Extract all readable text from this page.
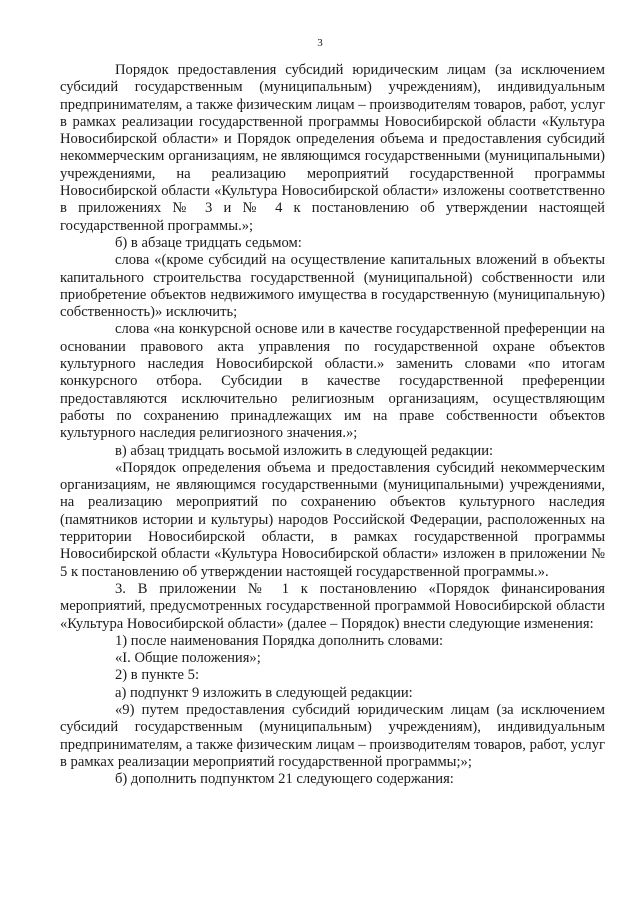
3

Порядок предоставления субсидий юридическим лицам (за исключением субсидий государственным (муниципальным) учреждениям), индивидуальным предпринимателям, а также физическим лицам – производителям товаров, работ, услуг в рамках реализации государственной программы Новосибирской области «Культура Новосибирской области» и Порядок определения объема и предоставления субсидий некоммерческим организациям, не являющимся государственными (муниципальными) учреждениями, на реализацию мероприятий государственной программы Новосибирской области «Культура Новосибирской области» изложены соответственно в приложениях № 3 и № 4 к постановлению об утверждении настоящей государственной программы.»;

б) в абзаце тридцать седьмом:

слова «(кроме субсидий на осуществление капитальных вложений в объекты капитального строительства государственной (муниципальной) собственности или приобретение объектов недвижимого имущества в государственную (муниципальную) собственность)» исключить;

слова «на конкурсной основе или в качестве государственной преференции на основании правового акта управления по государственной охране объектов культурного наследия Новосибирской области.» заменить словами «по итогам конкурсного отбора. Субсидии в качестве государственной преференции предоставляются исключительно религиозным организациям, осуществляющим работы по сохранению принадлежащих им на праве собственности объектов культурного наследия религиозного значения.»;

в) абзац тридцать восьмой изложить в следующей редакции:

«Порядок определения объема и предоставления субсидий некоммерческим организациям, не являющимся государственными (муниципальными) учреждениями, на реализацию мероприятий по сохранению объектов культурного наследия (памятников истории и культуры) народов Российской Федерации, расположенных на территории Новосибирской области, в рамках государственной программы Новосибирской области «Культура Новосибирской области» изложен в приложении № 5 к постановлению об утверждении настоящей государственной программы.».

3. В приложении № 1 к постановлению «Порядок финансирования мероприятий, предусмотренных государственной программой Новосибирской области «Культура Новосибирской области» (далее – Порядок) внести следующие изменения:

1) после наименования Порядка дополнить словами:

«I. Общие положения»;

2) в пункте 5:

а) подпункт 9 изложить в следующей редакции:

«9) путем предоставления субсидий юридическим лицам (за исключением субсидий государственным (муниципальным) учреждениям), индивидуальным предпринимателям, а также физическим лицам – производителям товаров, работ, услуг в рамках реализации мероприятий государственной программы;»;

б) дополнить подпунктом 21 следующего содержания:
